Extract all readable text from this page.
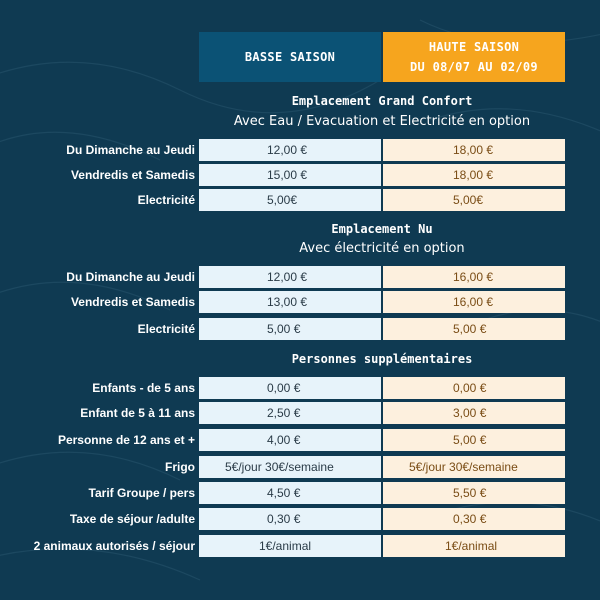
BASSE SAISON
HAUTE SAISON
DU 08/07 AU 02/09
Emplacement Grand Confort
Avec Eau / Evacuation et Electricité en option
Du Dimanche au Jeudi	12,00 €	18,00 €
Vendredis et Samedis	15,00 €	18,00 €
Electricité	5,00€	5,00€
Emplacement Nu
Avec électricité en option
Du Dimanche au Jeudi	12,00 €	16,00 €
Vendredis et Samedis	13,00 €	16,00 €
Electricité	5,00 €	5,00 €
Personnes supplémentaires
Enfants - de 5 ans	0,00 €	0,00 €
Enfant de 5 à 11 ans	2,50 €	3,00 €
Personne de 12 ans et +	4,00 €	5,00 €
Frigo	5€/jour 30€/semaine	5€/jour 30€/semaine
Tarif Groupe / pers	4,50 €	5,50 €
Taxe de séjour /adulte	0,30 €	0,30 €
2 animaux autorisés / séjour	1€/animal	1€/animal
